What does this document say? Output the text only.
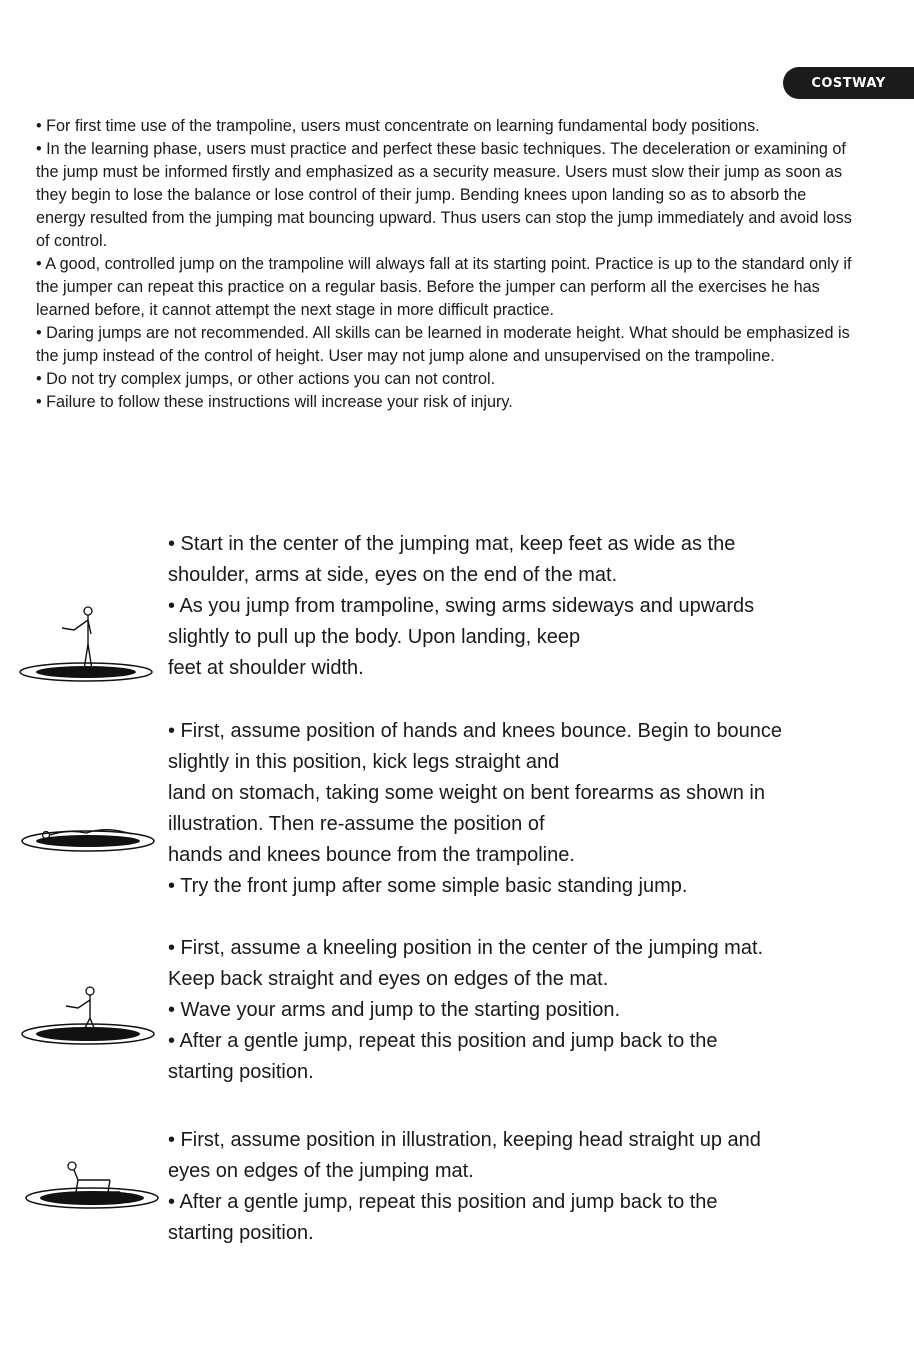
COSTWAY
• For first time use of the trampoline, users must concentrate on learning fundamental body positions.
• In the learning phase, users must practice and perfect these basic techniques. The deceleration or examining of the jump must be informed firstly and emphasized as a security measure. Users must slow their jump as soon as they begin to lose the balance or lose control of their jump. Bending knees upon landing so as to absorb the energy resulted from the jumping mat bouncing upward. Thus users can stop the jump immediately and avoid loss of control.
• A good, controlled jump on the trampoline will always fall at its starting point. Practice is up to the standard only if the jumper can repeat this practice on a regular basis. Before the jumper can perform all the exercises he has learned before, it cannot attempt the next stage in more difficult practice.
• Daring jumps are not recommended. All skills can be learned in moderate height. What should be emphasized is the jump instead of the control of height. User may not jump alone and unsupervised on the trampoline.
• Do not try complex jumps, or other actions you can not control.
• Failure to follow these instructions will increase your risk of injury.

• Start in the center of the jumping mat, keep feet as wide as the

shoulder, arms at side, eyes on the end of the mat.

• As you jump from trampoline, swing arms sideways and upwards

slightly to pull up the body. Upon landing, keep

feet at shoulder width.

• First, assume position of hands and knees bounce. Begin to bounce

slightly in this position, kick legs straight and

land on stomach, taking some weight on bent forearms as shown in

illustration. Then re-assume the position of

hands and knees bounce from the trampoline.

• Try the front jump after some simple basic standing jump.

• First, assume a kneeling position in the center of the jumping mat.

Keep back straight and eyes on edges of the mat.

• Wave your arms and jump to the starting position.

• After a gentle jump, repeat this position and jump back to the

starting position.

• First, assume position in illustration, keeping head straight up and

eyes on edges of the jumping mat.

• After a gentle jump, repeat this position and jump back to the

starting position.
